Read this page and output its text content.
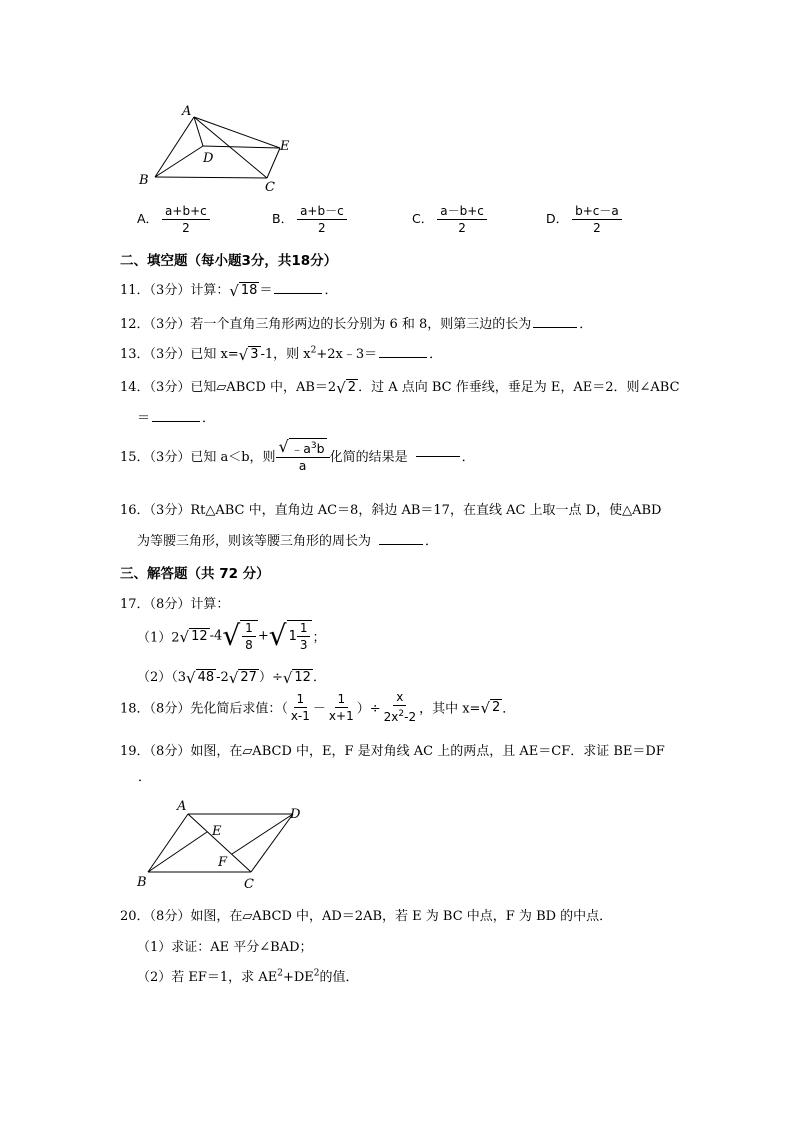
A
B	C
D
E
A． $\frac{a+b+c}{2}$	B． $\frac{a+b-c}{2}$	C． $\frac{a-b+c}{2}$	D． $\frac{b+c-a}{2}$
二、填空题（每小题3分，共18分）
11．（3分）计算： √ 18 ＝	．
12．（3分）若一个直角三角形两边的长分别为 6 和 8，则第三边的长为	．
13．（3分）已知 x= √ 3 -1，则 $x^2+2x﹣3=$	．
14．（3分）已知▱ABCD 中，AB＝2 √ 2 ．过 A 点向 BC 作垂线，垂足为 E，AE＝2．则∠ABC
＝	．
15．（3分）已知 a＜b，则 $\frac{√ ﹣a^3b}{a}$ 化简的结果是	．
16．（3分）Rt△ABC 中，直角边 AC＝8，斜边 AB＝17，在直线 AC 上取一点 D，使△ABD
为等腰三角形，则该等腰三角形的周长为	．
三、解答题（共 72 分）
17．（8分）计算：
（1）2 √ 12 -4 √ $\frac{1}{8}$ + √ $1 \frac{1}{3}$ ；
（2）（3 √ 48 -2 √ 27 ）÷ √ 12 ．
18．（8分）先化简后求值：（ $\frac{1}{x-1} - \frac{1}{x+1}$ ）÷ $\frac{x}{2x^2-2}$ ，其中 x= √ 2 ．
19．（8分）如图，在▱ABCD 中，E，F 是对角线 AC 上的两点，且 AE＝CF．求证 BE＝DF
．
A
B	C
D
E
F
20．（8分）如图，在▱ABCD 中，AD＝2AB，若 E 为 BC 中点，F 为 BD 的中点．
（1）求证：AE 平分∠BAD；
（2）若 EF＝1，求 $AE^2+DE^2$的值．
